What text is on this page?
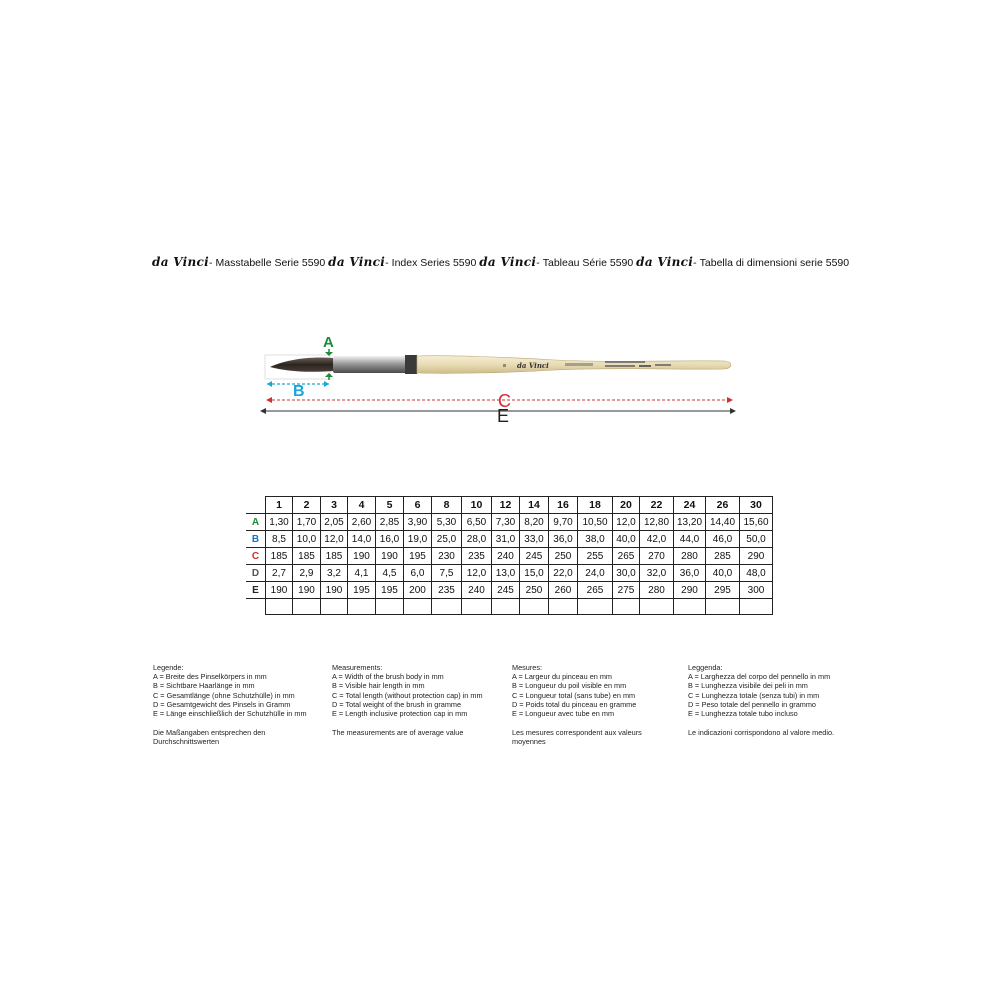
da Vinci- Masstabelle Serie 5590 da Vinci- Index Series 5590 da Vinci- Tableau Série 5590 da Vinci- Tabella di dimensioni serie 5590
da Vinci
A
B	C
E
	1	2	3	4	5	6	8	10	12	14	16	18	20	22	24	26	30
A	1,30	1,70	2,05	2,60	2,85	3,90	5,30	6,50	7,30	8,20	9,70	10,50	12,0	12,80	13,20	14,40	15,60
B	8,5	10,0	12,0	14,0	16,0	19,0	25,0	28,0	31,0	33,0	36,0	38,0	40,0	42,0	44,0	46,0	50,0
C	185	185	185	190	190	195	230	235	240	245	250	255	265	270	280	285	290
D	2,7	2,9	3,2	4,1	4,5	6,0	7,5	12,0	13,0	15,0	22,0	24,0	30,0	32,0	36,0	40,0	48,0
E	190	190	190	195	195	200	235	240	245	250	260	265	275	280	290	295	300

Legende:
A = Breite des Pinselkörpers in mm
B = Sichtbare Haarlänge in mm
C = Gesamtlänge (ohne Schutzhülle) in mm
D = Gesamtgewicht des Pinsels in Gramm
E = Länge einschließlich der Schutzhülle in mm
Die Maßangaben entsprechen den Durchschnittswerten
Measurements:
A = Width of the brush body in mm
B = Visible hair length in mm
C = Total length (without protection cap) in mm
D = Total weight of the brush in gramme
E = Length inclusive protection cap in mm
The measurements are of average value
Mesures:
A = Largeur du pinceau en mm
B = Longueur du poil visible en mm
C = Longueur total (sans tube) en mm
D = Poids total du pinceau en gramme
E = Longueur avec tube en mm
Les mesures correspondent aux valeurs moyennes
Leggenda:
A = Larghezza del corpo del pennello in mm
B = Lunghezza visibile dei peli in mm
C = Lunghezza totale (senza tubi) in mm
D = Peso totale del pennello in grammo
E = Lunghezza totale tubo incluso
Le indicazioni corrispondono al valore medio.
